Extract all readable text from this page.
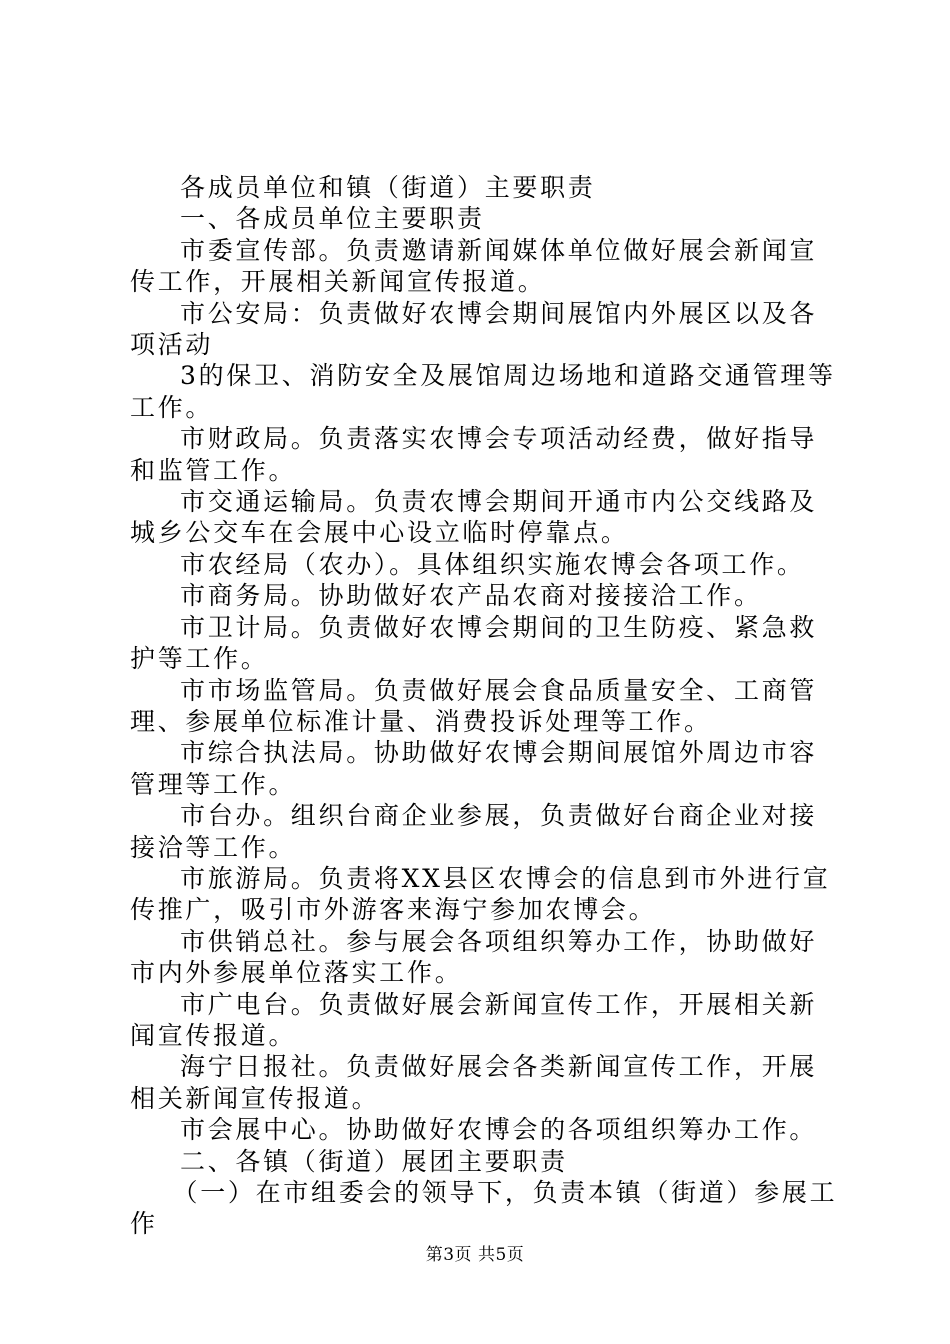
各成员单位和镇（街道）主要职责

一、各成员单位主要职责

市委宣传部。负责邀请新闻媒体单位做好展会新闻宣传工作，开展相关新闻宣传报道。

市公安局：负责做好农博会期间展馆内外展区以及各项活动

3的保卫、消防安全及展馆周边场地和道路交通管理等工作。

市财政局。负责落实农博会专项活动经费，做好指导和监管工作。

市交通运输局。负责农博会期间开通市内公交线路及城乡公交车在会展中心设立临时停靠点。

市农经局（农办）。具体组织实施农博会各项工作。

市商务局。协助做好农产品农商对接接洽工作。

市卫计局。负责做好农博会期间的卫生防疫、紧急救护等工作。

市市场监管局。负责做好展会食品质量安全、工商管理、参展单位标准计量、消费投诉处理等工作。

市综合执法局。协助做好农博会期间展馆外周边市容管理等工作。

市台办。组织台商企业参展，负责做好台商企业对接接洽等工作。

市旅游局。负责将XX县区农博会的信息到市外进行宣传推广，吸引市外游客来海宁参加农博会。

市供销总社。参与展会各项组织筹办工作，协助做好市内外参展单位落实工作。

市广电台。负责做好展会新闻宣传工作，开展相关新闻宣传报道。

海宁日报社。负责做好展会各类新闻宣传工作，开展相关新闻宣传报道。

市会展中心。协助做好农博会的各项组织筹办工作。

二、各镇（街道）展团主要职责

（一）在市组委会的领导下，负责本镇（街道）参展工作

第3页 共5页
